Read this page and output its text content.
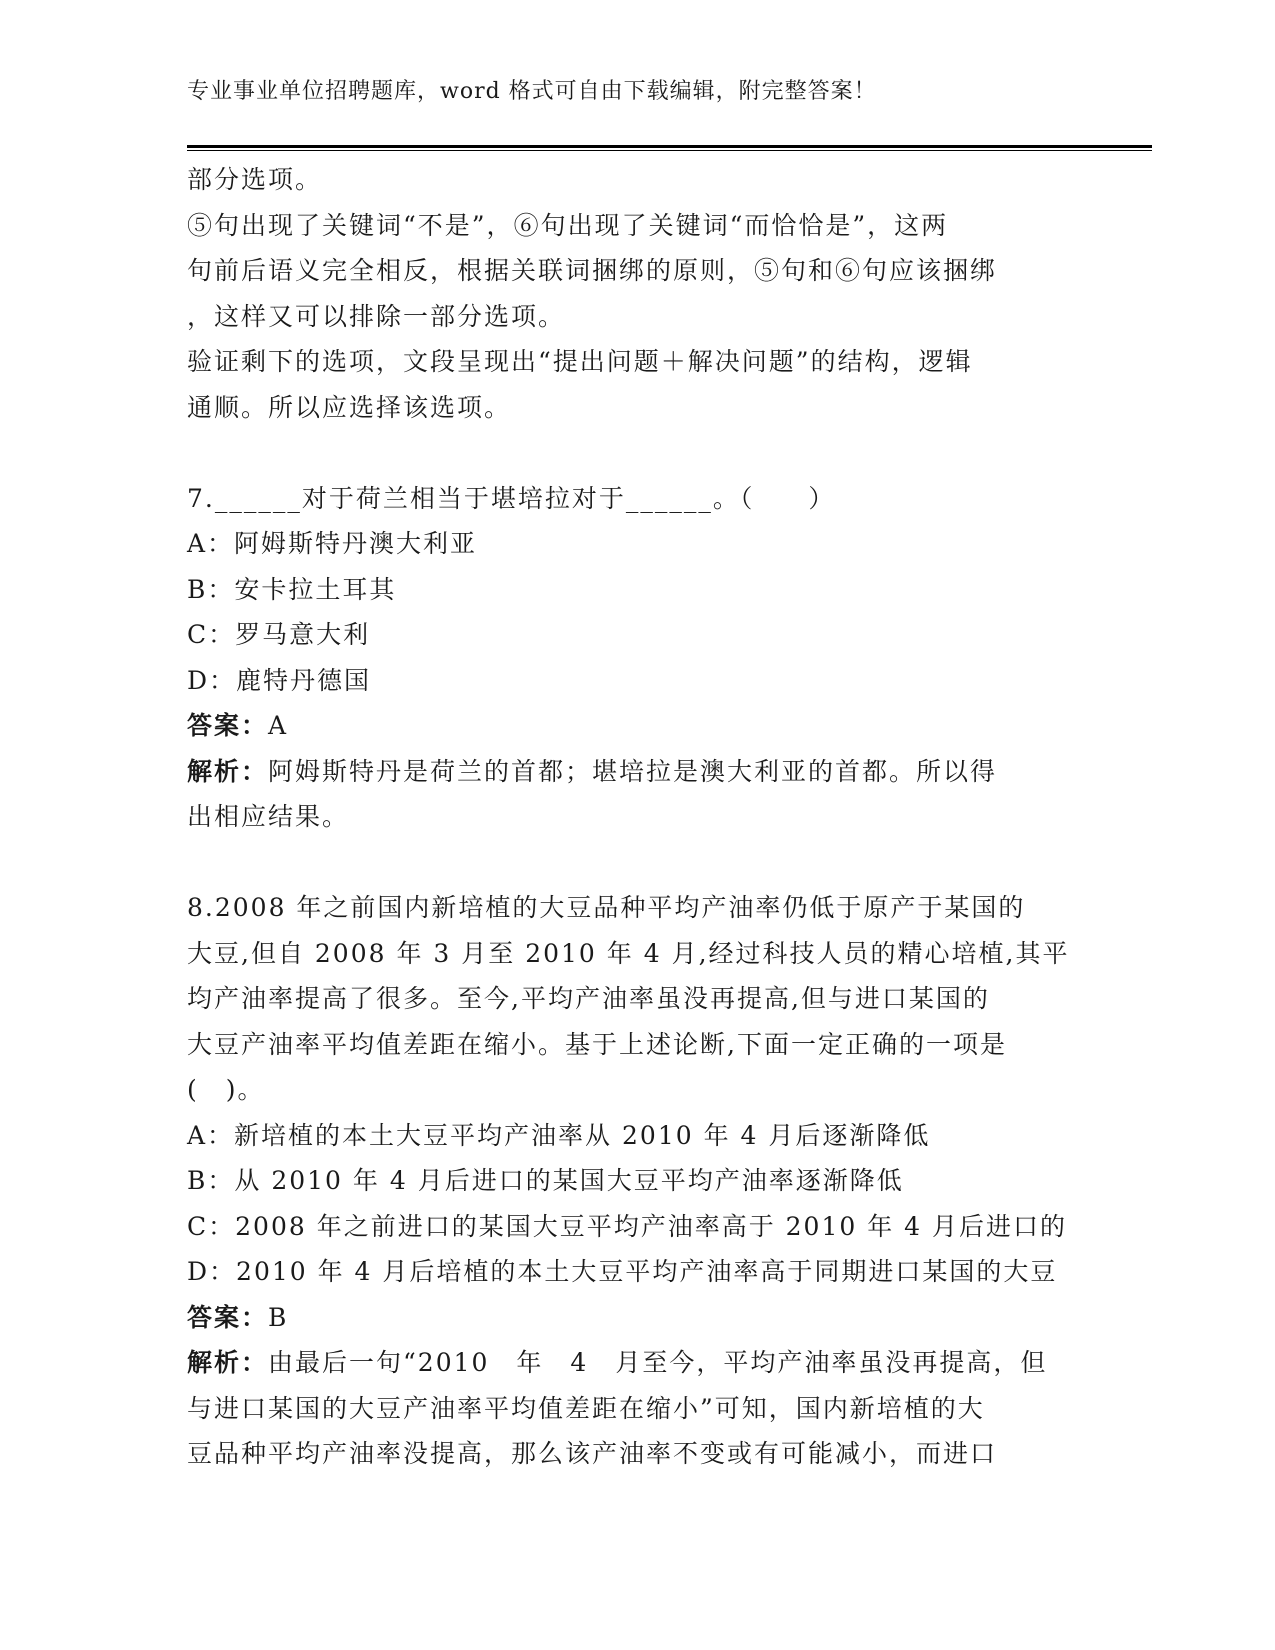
专业事业单位招聘题库，word 格式可自由下载编辑，附完整答案！
部分选项。
⑤句出现了关键词“不是”，⑥句出现了关键词“而恰恰是”，这两
句前后语义完全相反，根据关联词捆绑的原则，⑤句和⑥句应该捆绑
，这样又可以排除一部分选项。
验证剩下的选项，文段呈现出“提出问题＋解决问题”的结构，逻辑
通顺。所以应选择该选项。
7.______对于荷兰相当于堪培拉对于______。（　　）
A：阿姆斯特丹澳大利亚
B：安卡拉土耳其
C：罗马意大利
D：鹿特丹德国
答案：A
解析：阿姆斯特丹是荷兰的首都；堪培拉是澳大利亚的首都。所以得
出相应结果。
8.2008 年之前国内新培植的大豆品种平均产油率仍低于原产于某国的
大豆,但自 2008 年 3 月至 2010 年 4 月,经过科技人员的精心培植,其平
均产油率提高了很多。至今,平均产油率虽没再提高,但与进口某国的
大豆产油率平均值差距在缩小。基于上述论断,下面一定正确的一项是
(　)。
A：新培植的本土大豆平均产油率从 2010 年 4 月后逐渐降低
B：从 2010 年 4 月后进口的某国大豆平均产油率逐渐降低
C：2008 年之前进口的某国大豆平均产油率高于 2010 年 4 月后进口的
D：2010 年 4 月后培植的本土大豆平均产油率高于同期进口某国的大豆
答案：B
解析：由最后一句“2010　年　4　月至今，平均产油率虽没再提高，但
与进口某国的大豆产油率平均值差距在缩小”可知，国内新培植的大
豆品种平均产油率没提高，那么该产油率不变或有可能减小，而进口
